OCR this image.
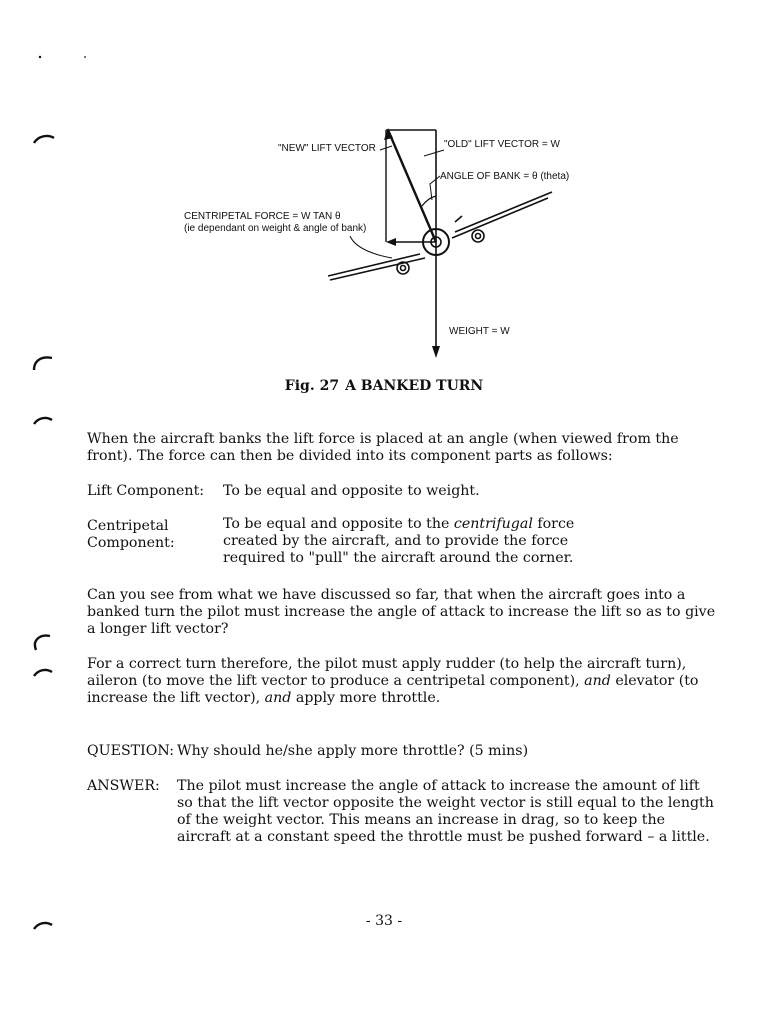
"NEW" LIFT VECTOR	"OLD" LIFT VECTOR = W
ANGLE OF BANK = θ (theta)
CENTRIPETAL FORCE = W TAN θ
(ie dependant on weight & angle of bank)
WEIGHT = W
Fig. 27 A BANKED TURN
When the aircraft banks the lift force is placed at an angle (when viewed from the front). The force can then be divided into its component parts as follows:
Lift Component: To be equal and opposite to weight.
Centripetal
Component:
To be equal and opposite to the centrifugal force created by the aircraft, and to provide the force required to "pull" the aircraft around the corner.
Can you see from what we have discussed so far, that when the aircraft goes into a banked turn the pilot must increase the angle of attack to increase the lift so as to give a longer lift vector?
For a correct turn therefore, the pilot must apply rudder (to help the aircraft turn), aileron (to move the lift vector to produce a centripetal component), and elevator (to increase the lift vector), and apply more throttle.
QUESTION: Why should he/she apply more throttle? (5 mins)
ANSWER: The pilot must increase the angle of attack to increase the amount of lift so that the lift vector opposite the weight vector is still equal to the length of the weight vector. This means an increase in drag, so to keep the aircraft at a constant speed the throttle must be pushed forward – a little.
- 33 -
